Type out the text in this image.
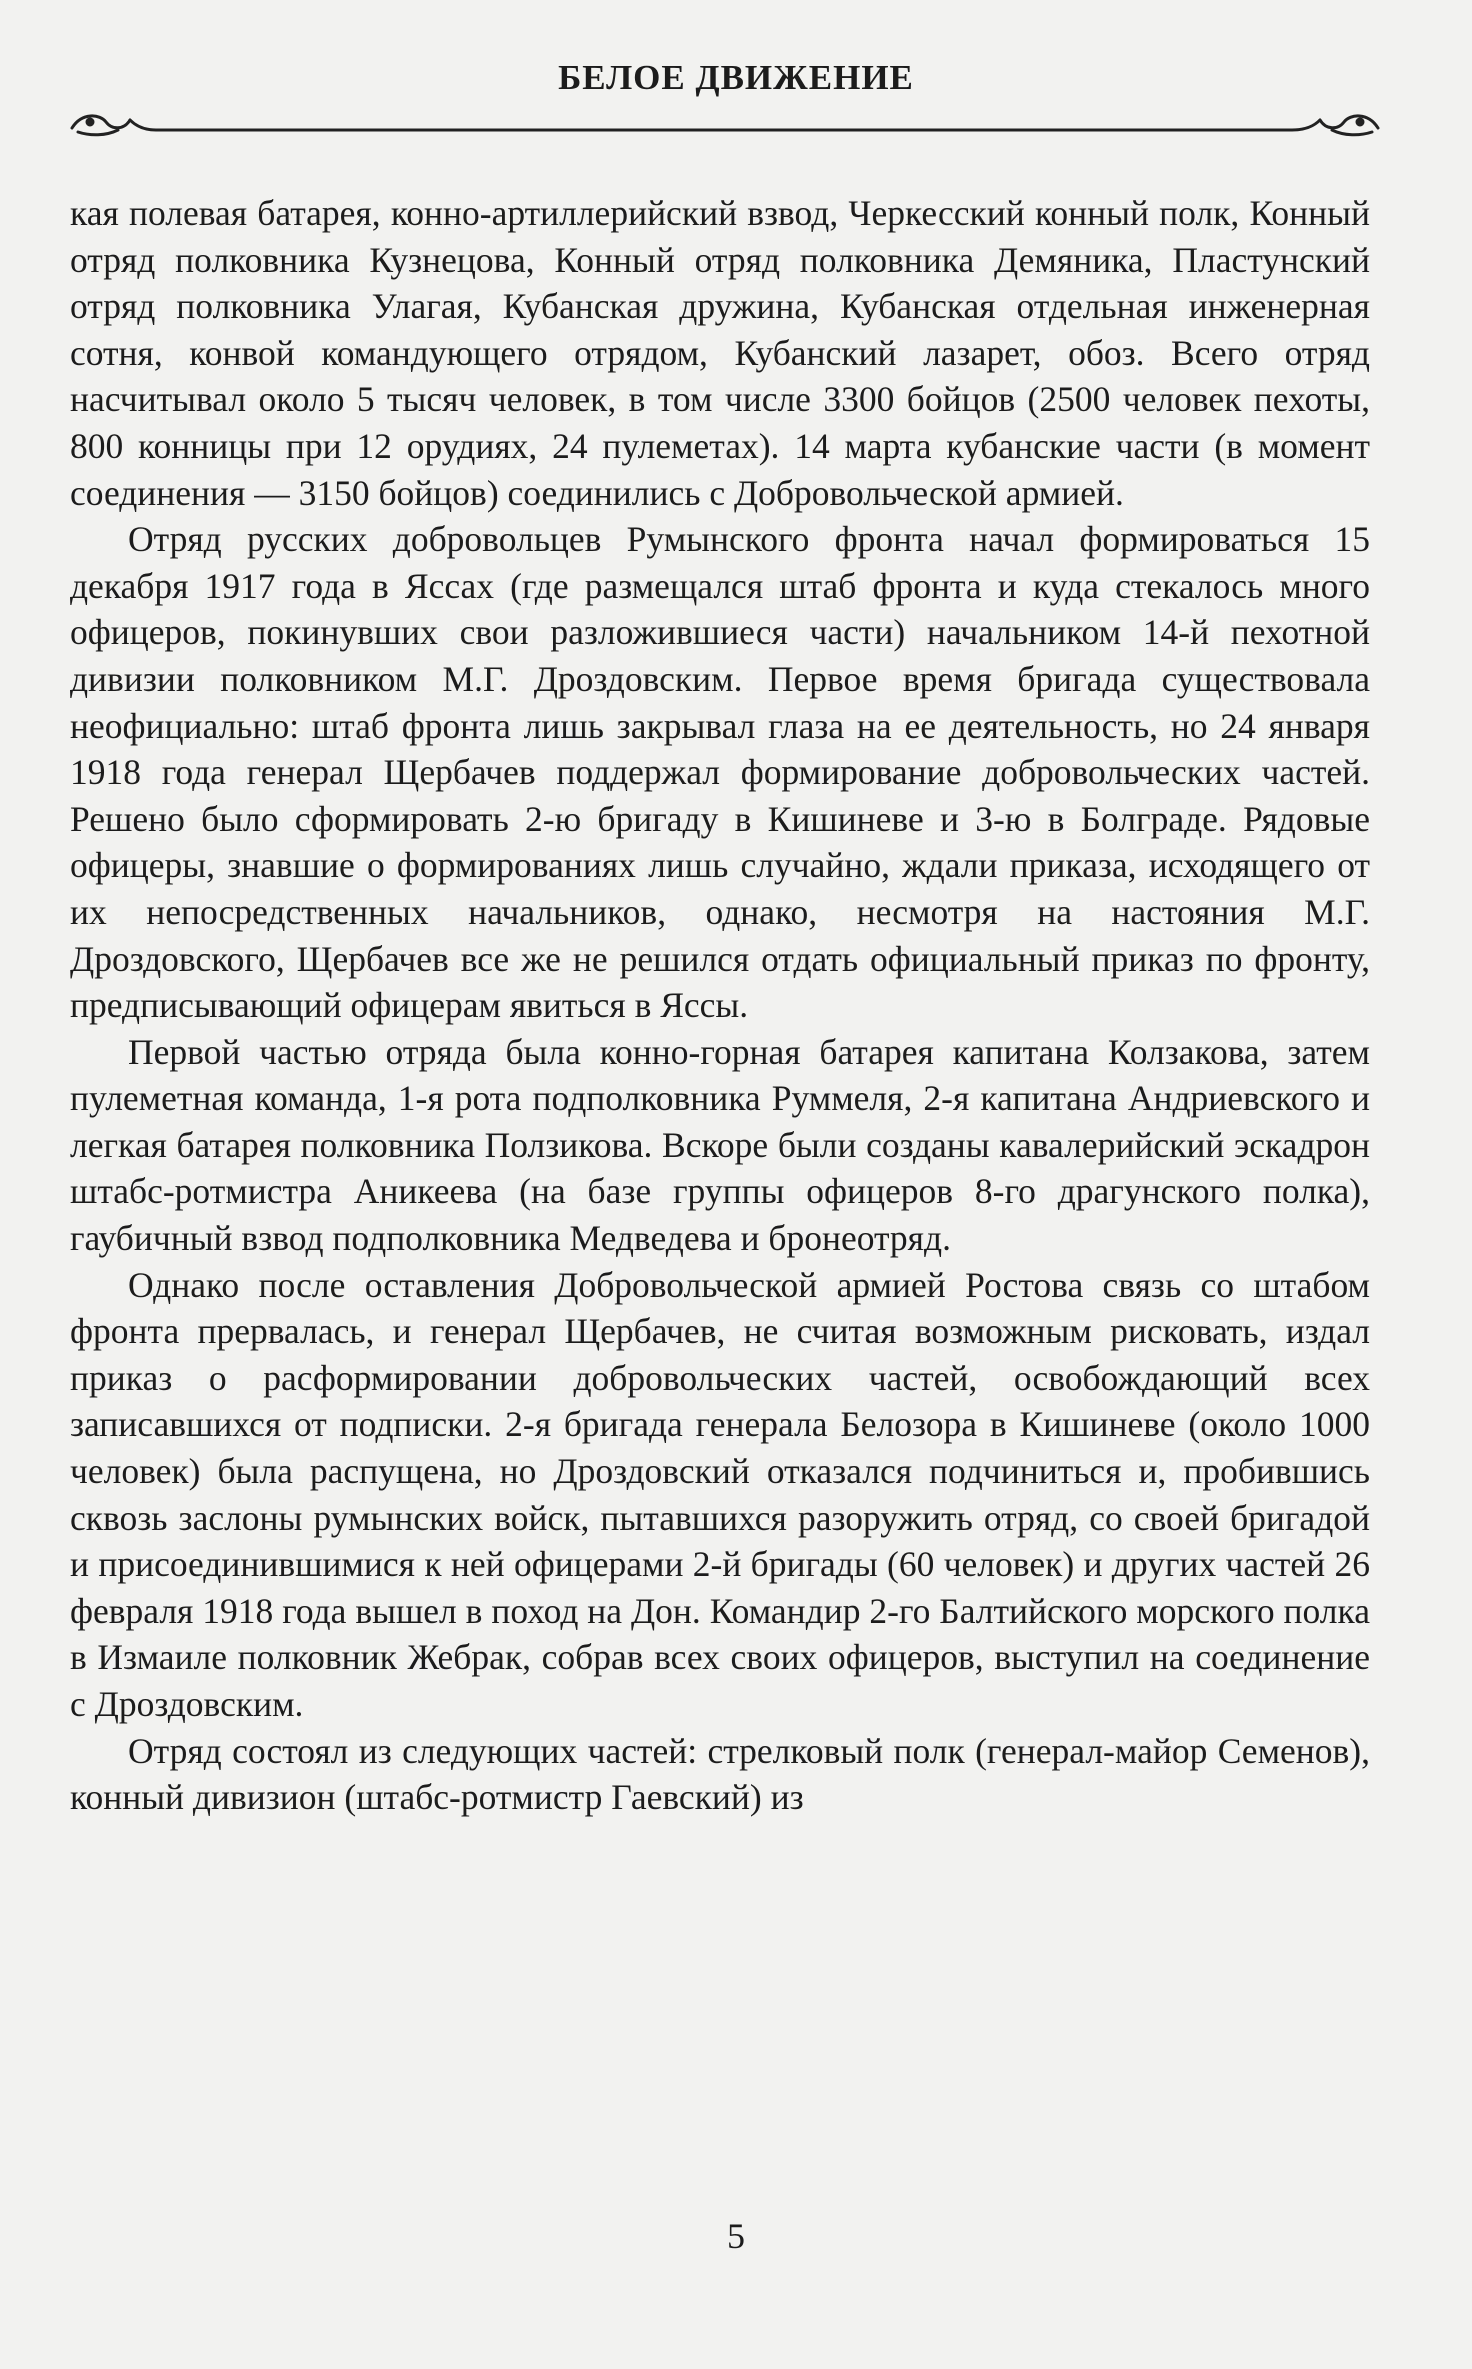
БЕЛОЕ ДВИЖЕНИЕ

кая полевая батарея, конно-артиллерийский взвод, Черкесский конный полк, Конный отряд полковника Кузнецова, Конный отряд полковника Демяника, Пластунский отряд полковника Улагая, Кубанская дружина, Кубанская отдельная инженерная сотня, конвой командующего отрядом, Кубанский лазарет, обоз. Всего отряд насчитывал около 5 тысяч человек, в том числе 3300 бойцов (2500 человек пехоты, 800 конницы при 12 орудиях, 24 пулеметах). 14 марта кубанские части (в момент соединения — 3150 бойцов) соединились с Добровольческой армией.

Отряд русских добровольцев Румынского фронта начал формироваться 15 декабря 1917 года в Яссах (где размещался штаб фронта и куда стекалось много офицеров, покинувших свои разложившиеся части) начальником 14-й пехотной дивизии полковником М.Г. Дроздовским. Первое время бригада существовала неофициально: штаб фронта лишь закрывал глаза на ее деятельность, но 24 января 1918 года генерал Щербачев поддержал формирование добровольческих частей. Решено было сформировать 2-ю бригаду в Кишиневе и 3-ю в Болграде. Рядовые офицеры, знавшие о формированиях лишь случайно, ждали приказа, исходящего от их непосредственных начальников, однако, несмотря на настояния М.Г. Дроздовского, Щербачев все же не решился отдать официальный приказ по фронту, предписывающий офицерам явиться в Яссы.

Первой частью отряда была конно-горная батарея капитана Колзакова, затем пулеметная команда, 1-я рота подполковника Руммеля, 2-я капитана Андриевского и легкая батарея полковника Ползикова. Вскоре были созданы кавалерийский эскадрон штабс-ротмистра Аникеева (на базе группы офицеров 8-го драгунского полка), гаубичный взвод подполковника Медведева и бронеотряд.

Однако после оставления Добровольческой армией Ростова связь со штабом фронта прервалась, и генерал Щербачев, не считая возможным рисковать, издал приказ о расформировании добровольческих частей, освобождающий всех записавшихся от подписки. 2-я бригада генерала Белозора в Кишиневе (около 1000 человек) была распущена, но Дроздовский отказался подчиниться и, пробившись сквозь заслоны румынских войск, пытавшихся разоружить отряд, со своей бригадой и присоединившимися к ней офицерами 2-й бригады (60 человек) и других частей 26 февраля 1918 года вышел в поход на Дон. Командир 2-го Балтийского морского полка в Измаиле полковник Жебрак, собрав всех своих офицеров, выступил на соединение с Дроздовским.

Отряд состоял из следующих частей: стрелковый полк (генерал-майор Семенов), конный дивизион (штабс-ротмистр Гаевский) из

5
